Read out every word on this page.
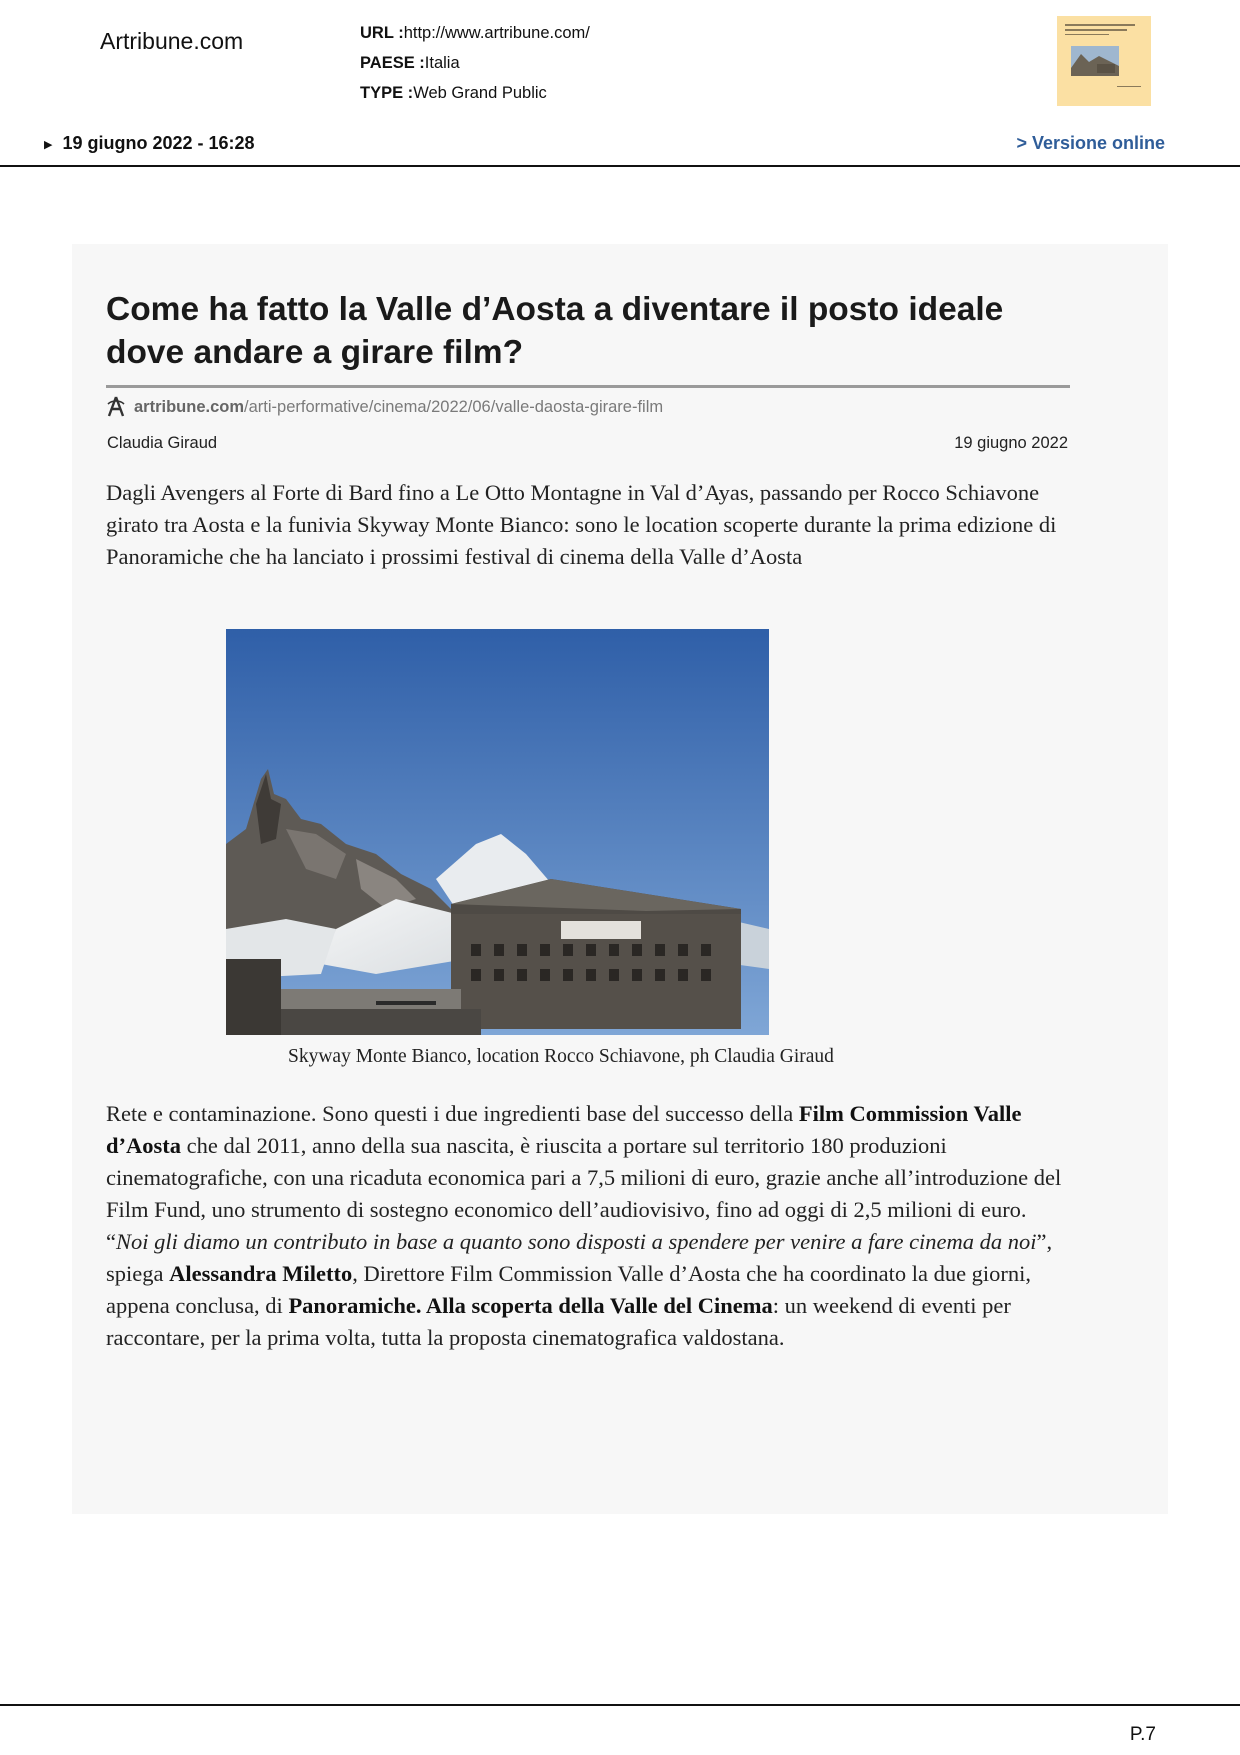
Artribune.com	URL :http://www.artribune.com/
PAESE :Italia
TYPE :Web Grand Public
▶ 19 giugno 2022 - 16:28	> Versione online
Come ha fatto la Valle d’Aosta a diventare il posto ideale dove andare a girare film?
artribune.com /arti-performative/cinema/2022/06/valle-daosta-girare-film
Claudia Giraud	19 giugno 2022

Dagli Avengers al Forte di Bard fino a Le Otto Montagne in Val d’Ayas, passando per Rocco Schiavone girato tra Aosta e la funivia Skyway Monte Bianco: sono le location scoperte durante la prima edizione di Panoramiche che ha lanciato i prossimi festival di cinema della Valle d’Aosta

Skyway Monte Bianco, location Rocco Schiavone, ph Claudia Giraud

Rete e contaminazione. Sono questi i due ingredienti base del successo della Film Commission Valle d’Aosta che dal 2011, anno della sua nascita, è riuscita a portare sul territorio 180 produzioni cinematografiche, con una ricaduta economica pari a 7,5 milioni di euro, grazie anche all’introduzione del Film Fund, uno strumento di sostegno economico dell’audiovisivo, fino ad oggi di 2,5 milioni di euro. “Noi gli diamo un contributo in base a quanto sono disposti a spendere per venire a fare cinema da noi”, spiega Alessandra Miletto, Direttore Film Commission Valle d’Aosta che ha coordinato la due giorni, appena conclusa, di Panoramiche. Alla scoperta della Valle del Cinema: un weekend di eventi per raccontare, per la prima volta, tutta la proposta cinematografica valdostana.

P.7
